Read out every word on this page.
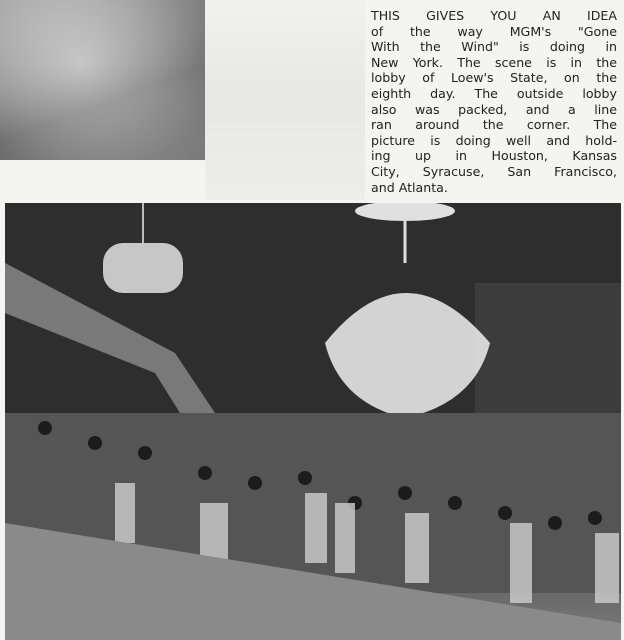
THIS GIVES YOU AN IDEA
of the way MGM's "Gone
With the Wind" is doing in
New York. The scene is in the
lobby of Loew's State, on the
eighth day. The outside lobby
also was packed, and a line
ran around the corner. The
picture is doing well and hold-
ing up in Houston, Kansas
City, Syracuse, San Francisco,
and Atlanta.
